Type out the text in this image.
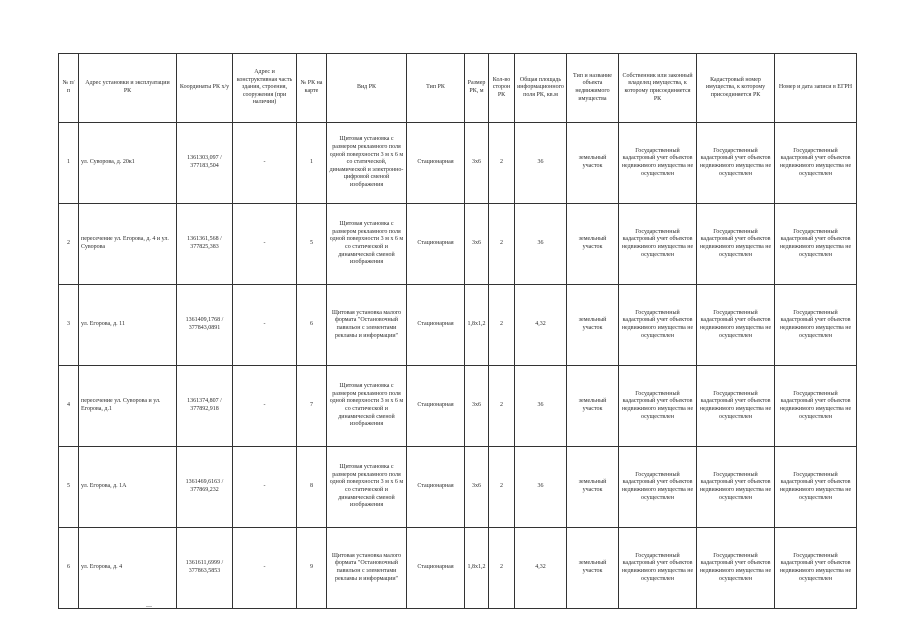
№ п/п	Адрес установки и эксплуатации РК	Координаты РК х/у	Адрес и конструктивная часть здания, строения, сооружения (при наличии)	№ РК на карте	Вид РК	Тип РК	Размер РК, м	Кол-во сторон РК	Общая площадь информационного поля РК, кв.м	Тип и название объекта недвижимого имущества	Собственник или законный владелец имущества, к которому присоединяется РК	Кадастровый номер имущества, к которому присоединяется РК	Номер и дата записи в ЕГРН
1	ул. Суворова, д. 20к1	1361303,097 / 377183,504	-	1	Щитовая установка с размером рекламного поля одной поверхности 3 м х 6 м со статической, динамической и электронно-цифровой сменой изображения	Стационарная	3х6	2	36	земельный участок	Государственный кадастровый учет объектов недвижимого имущества не осуществлен	Государственный кадастровый учет объектов недвижимого имущества не осуществлен	Государственный кадастровый учет объектов недвижимого имущества не осуществлен
2	пересечение ул. Егорова, д. 4 и ул. Суворова	1361361,568 / 377825,383	-	5	Щитовая установка с размером рекламного поля одной поверхности 3 м х 6 м со статической и динамической сменой изображения	Стационарная	3х6	2	36	земельный участок	Государственный кадастровый учет объектов недвижимого имущества не осуществлен	Государственный кадастровый учет объектов недвижимого имущества не осуществлен	Государственный кадастровый учет объектов недвижимого имущества не осуществлен
3	ул. Егорова, д. 11	1361409,1768 / 377843,0891	-	6	Щитовая установка малого формата "Остановочный павильон с элементами рекламы и информации"	Стационарная	1,8х1,2	2	4,32	земельный участок	Государственный кадастровый учет объектов недвижимого имущества не осуществлен	Государственный кадастровый учет объектов недвижимого имущества не осуществлен	Государственный кадастровый учет объектов недвижимого имущества не осуществлен
4	пересечение ул. Суворова и ул. Егорова, д.1	1361374,807 / 377892,918	-	7	Щитовая установка с размером рекламного поля одной поверхности 3 м х 6 м со статической и динамической сменой изображения	Стационарная	3х6	2	36	земельный участок	Государственный кадастровый учет объектов недвижимого имущества не осуществлен	Государственный кадастровый учет объектов недвижимого имущества не осуществлен	Государственный кадастровый учет объектов недвижимого имущества не осуществлен
5	ул. Егорова, д. 1А	1361469,6163 / 377869,232	-	8	Щитовая установка с размером рекламного поля одной поверхности 3 м х 6 м со статической и динамической сменой изображения	Стационарная	3х6	2	36	земельный участок	Государственный кадастровый учет объектов недвижимого имущества не осуществлен	Государственный кадастровый учет объектов недвижимого имущества не осуществлен	Государственный кадастровый учет объектов недвижимого имущества не осуществлен
6	ул. Егорова, д. 4	1361611,6999 / 377863,5853	-	9	Щитовая установка малого формата "Остановочный павильон с элементами рекламы и информации"	Стационарная	1,8х1,2	2	4,32	земельный участок	Государственный кадастровый учет объектов недвижимого имущества не осуществлен	Государственный кадастровый учет объектов недвижимого имущества не осуществлен	Государственный кадастровый учет объектов недвижимого имущества не осуществлен
